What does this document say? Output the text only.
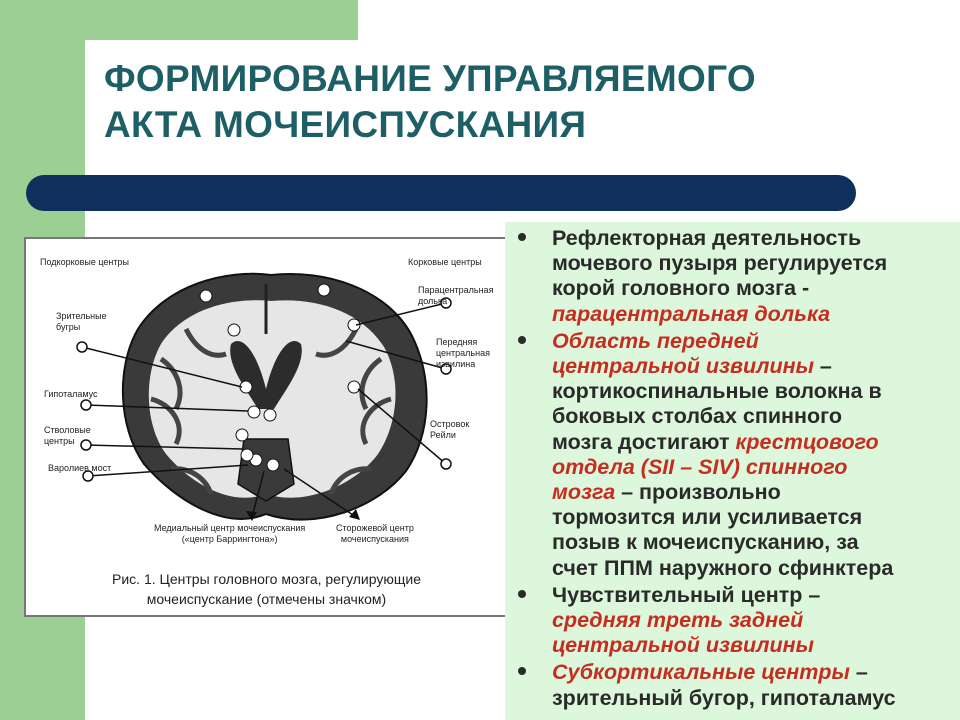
ФОРМИРОВАНИЕ УПРАВЛЯЕМОГО
АКТА МОЧЕИСПУСКАНИЯ
Подкорковые центры	Корковые центры
Зрительные
бугры
Парацентральная
долька
Передняя
центральная
извилина
Гипоталамус
Стволовые
центры
Островок
Рейли
Варолиев мост
Медиальный центр мочеиспускания
(«центр Баррингтона»)
Сторожевой центр
мочеиспускания
Рис. 1. Центры головного мозга, регулирующие
мочеиспускание (отмечены значком)
Рефлекторная деятельность
мочевого пузыря регулируется
корой головного мозга -
парацентральная долька
Область передней
центральной извилины –
кортикоспинальные волокна в
боковых столбах спинного
мозга достигают крестцового
отдела (SII – SIV) спинного
мозга – произвольно
тормозится или усиливается
позыв к мочеиспусканию, за
счет ППМ наружного сфинктера
Чувствительный центр –
средняя треть задней
центральной извилины
Субкортикальные центры –
зрительный бугор, гипоталамус
